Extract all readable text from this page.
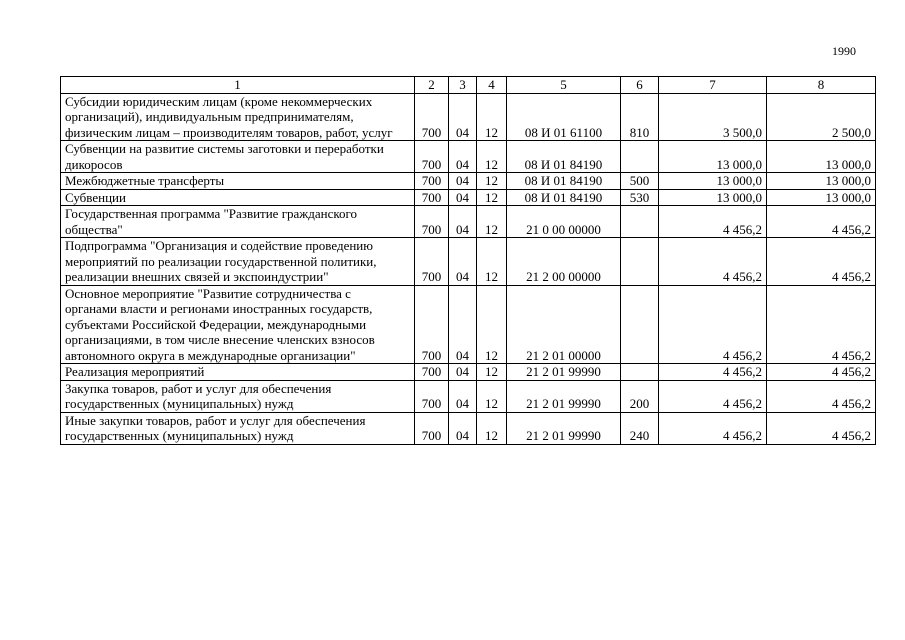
1990
1	2	3	4	5	6	7	8
Субсидии юридическим лицам (кроме некоммерческих организаций), индивидуальным предпринимателям, физическим лицам – производителям товаров, работ, услуг	700	04	12	08 И 01 61100	810	3 500,0	2 500,0
Субвенции на развитие системы заготовки и переработки дикоросов	700	04	12	08 И 01 84190		13 000,0	13 000,0
Межбюджетные трансферты	700	04	12	08 И 01 84190	500	13 000,0	13 000,0
Субвенции	700	04	12	08 И 01 84190	530	13 000,0	13 000,0
Государственная программа "Развитие гражданского общества"	700	04	12	21 0 00 00000		4 456,2	4 456,2
Подпрограмма "Организация и содействие проведению мероприятий по реализации государственной политики, реализации внешних связей и экспоиндустрии"	700	04	12	21 2 00 00000		4 456,2	4 456,2
Основное мероприятие "Развитие сотрудничества с органами власти и регионами иностранных государств, субъектами Российской Федерации, международными организациями, в том числе внесение членских взносов автономного округа в международные организации"	700	04	12	21 2 01 00000		4 456,2	4 456,2
Реализация мероприятий	700	04	12	21 2 01 99990		4 456,2	4 456,2
Закупка товаров, работ и услуг для обеспечения государственных (муниципальных) нужд	700	04	12	21 2 01 99990	200	4 456,2	4 456,2
Иные закупки товаров, работ и услуг для обеспечения государственных (муниципальных) нужд	700	04	12	21 2 01 99990	240	4 456,2	4 456,2
